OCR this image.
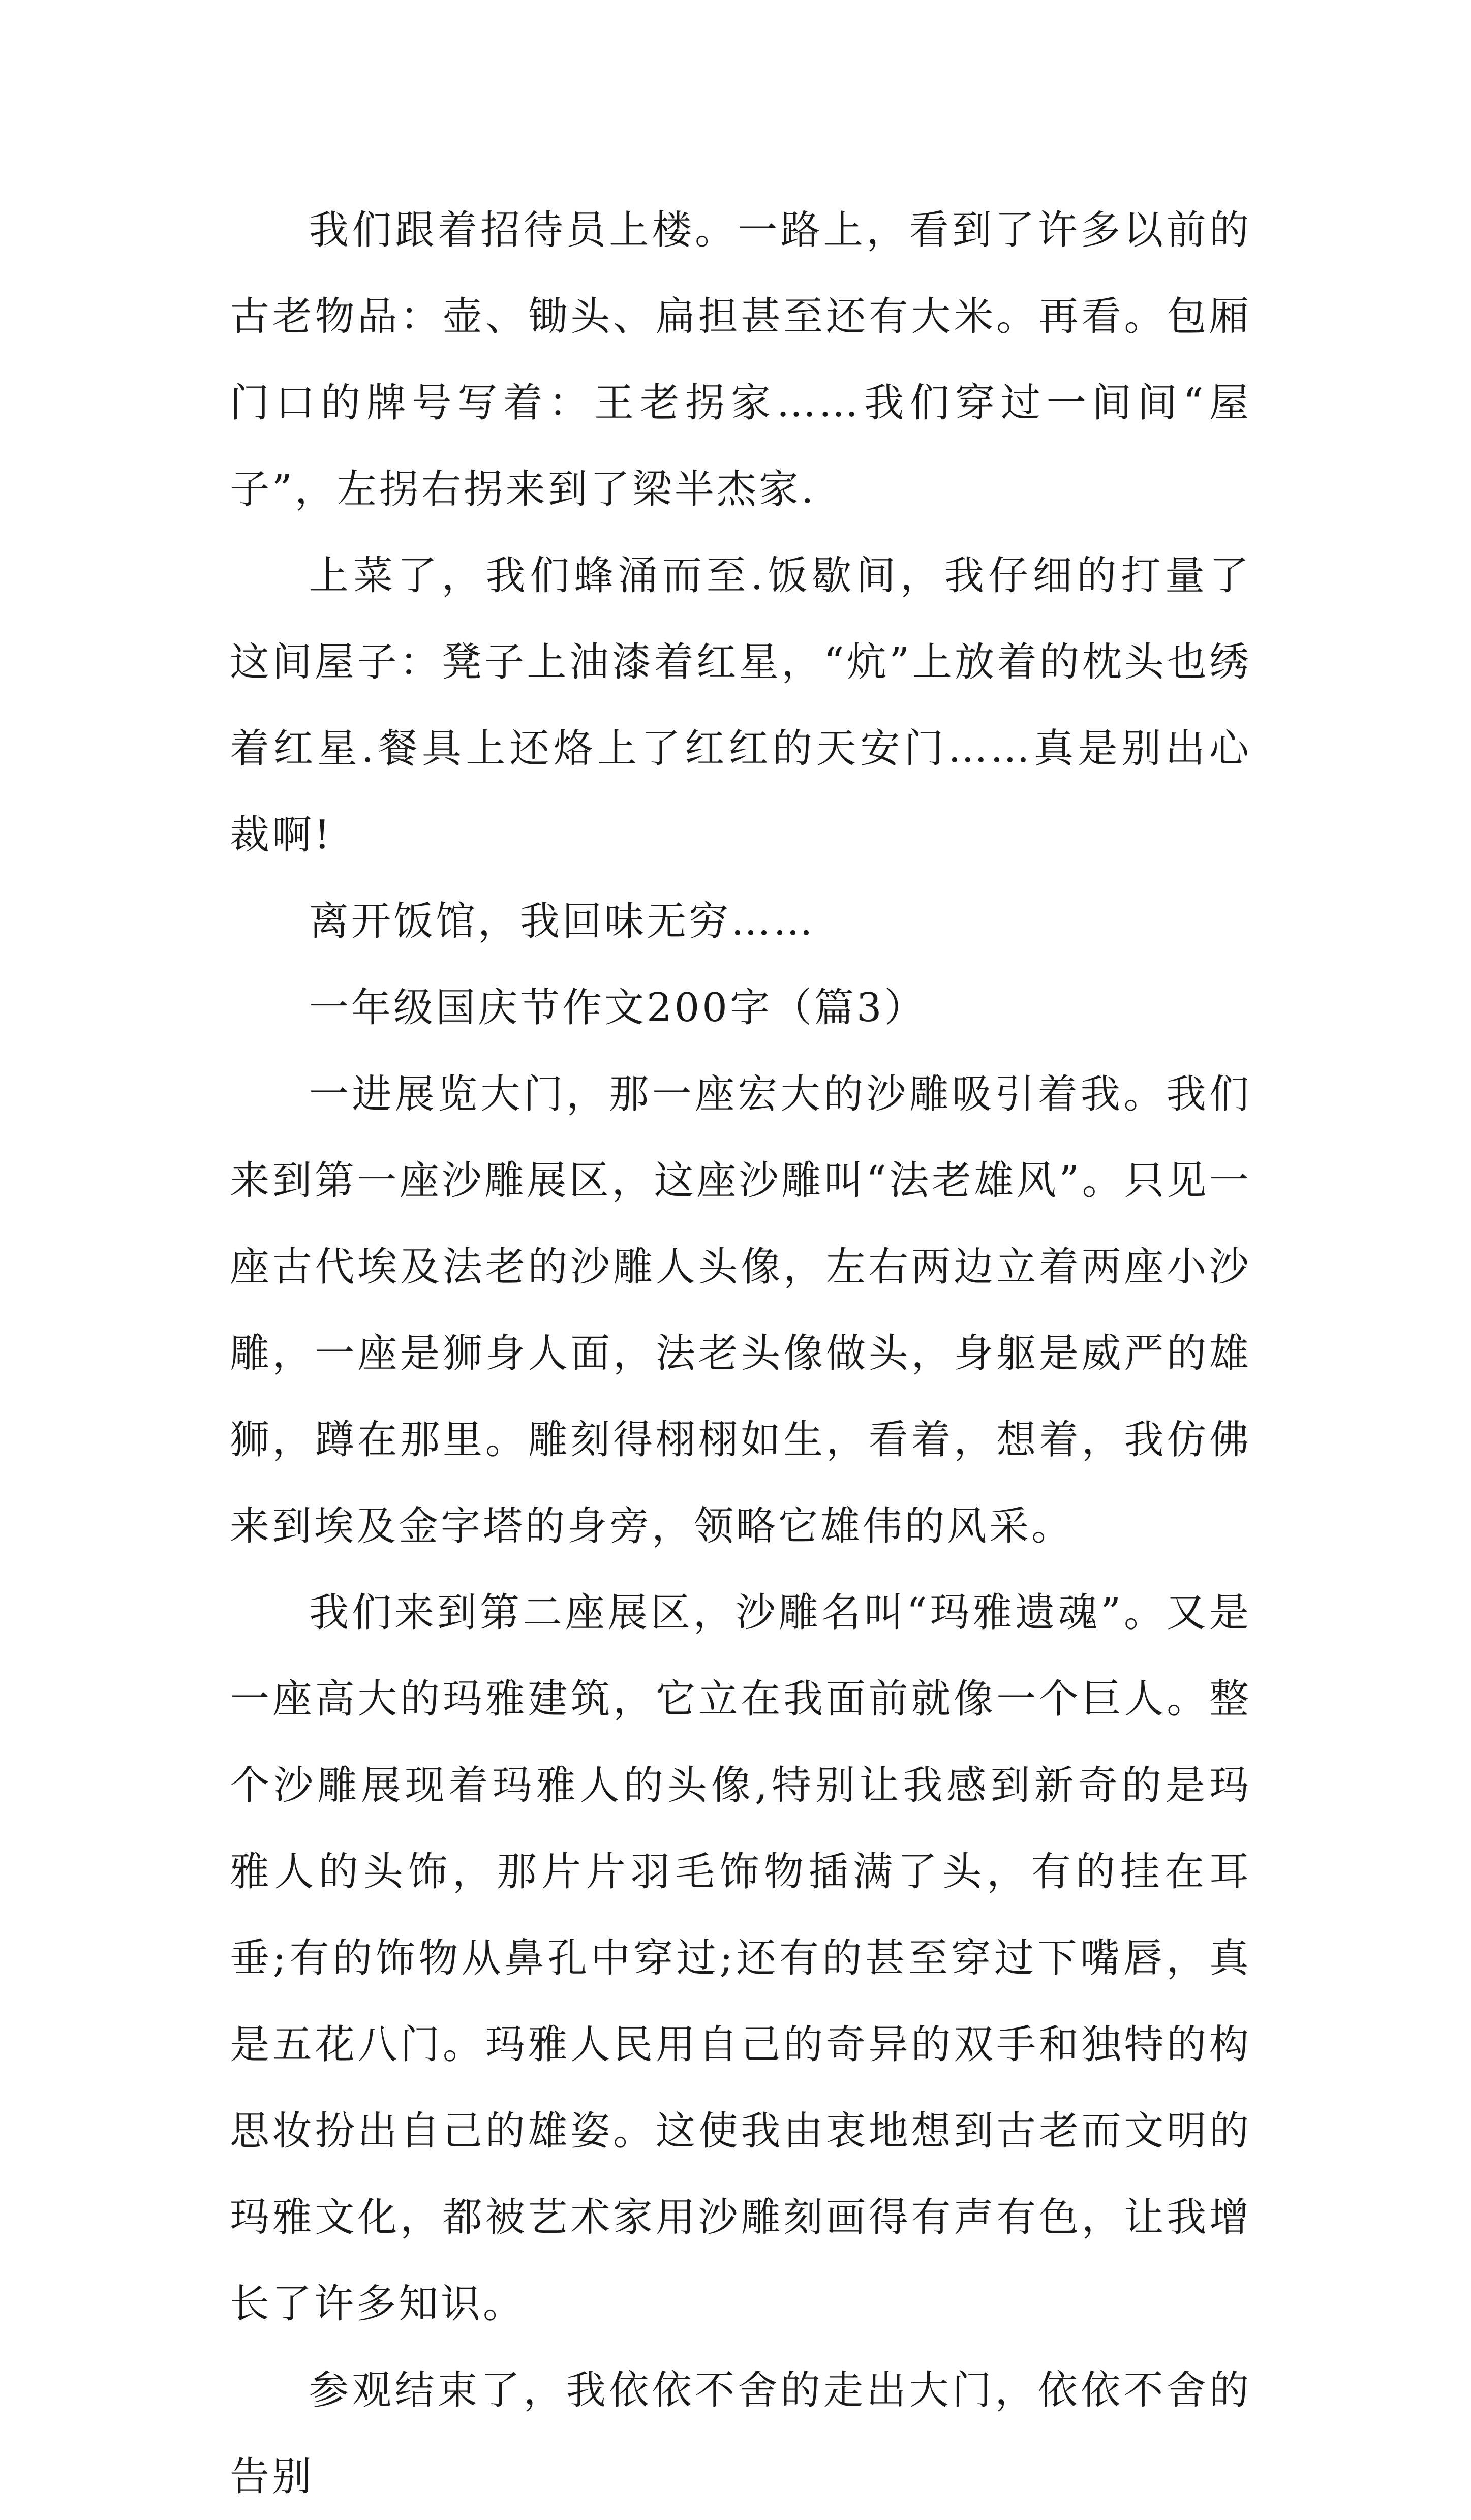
我们跟着招待员上楼。一路上，看到了许多以前的古老物品：壶、锄头、扁担甚至还有大米。再看。包厢门口的牌号写着：王老拐家……我们穿过一间间“屋子”，左拐右拐来到了梁半杰家.

上菜了，我们蜂涌而至.饭歇间，我仔细的打量了这间屋子：凳子上油漆着红星，“炕”上放着的枕头也绣着红星.餐具上还烙上了红红的天安门……真是别出心裁啊!

离开饭馆，我回味无穷……

一年级国庆节作文200字（篇3）

一进展览大门，那一座宏大的沙雕吸引着我。我们来到第一座沙雕展区，这座沙雕叫“法老雄风”。只见一座古代埃及法老的沙雕人头像，左右两边立着两座小沙雕，一座是狮身人面，法老头像做头，身躯是威严的雄狮，蹲在那里。雕刻得栩栩如生，看着，想着，我仿佛来到埃及金字塔的身旁，领略它雄伟的风采。

我们来到第二座展区，沙雕名叫“玛雅遗魂”。又是一座高大的玛雅建筑，它立在我面前就像一个巨人。整个沙雕展现着玛雅人的头像,特别让我感到新奇的是玛雅人的头饰，那片片羽毛饰物插满了头，有的挂在耳垂;有的饰物从鼻孔中穿过;还有的甚至穿过下嘴唇，真是五花八门。玛雅人民用自己的奇异的双手和独特的构思妆扮出自己的雄姿。这使我由衷地想到古老而文明的玛雅文化，都被艺术家用沙雕刻画得有声有色，让我增长了许多知识。

参观结束了，我依依不舍的走出大门，依依不舍的告别
